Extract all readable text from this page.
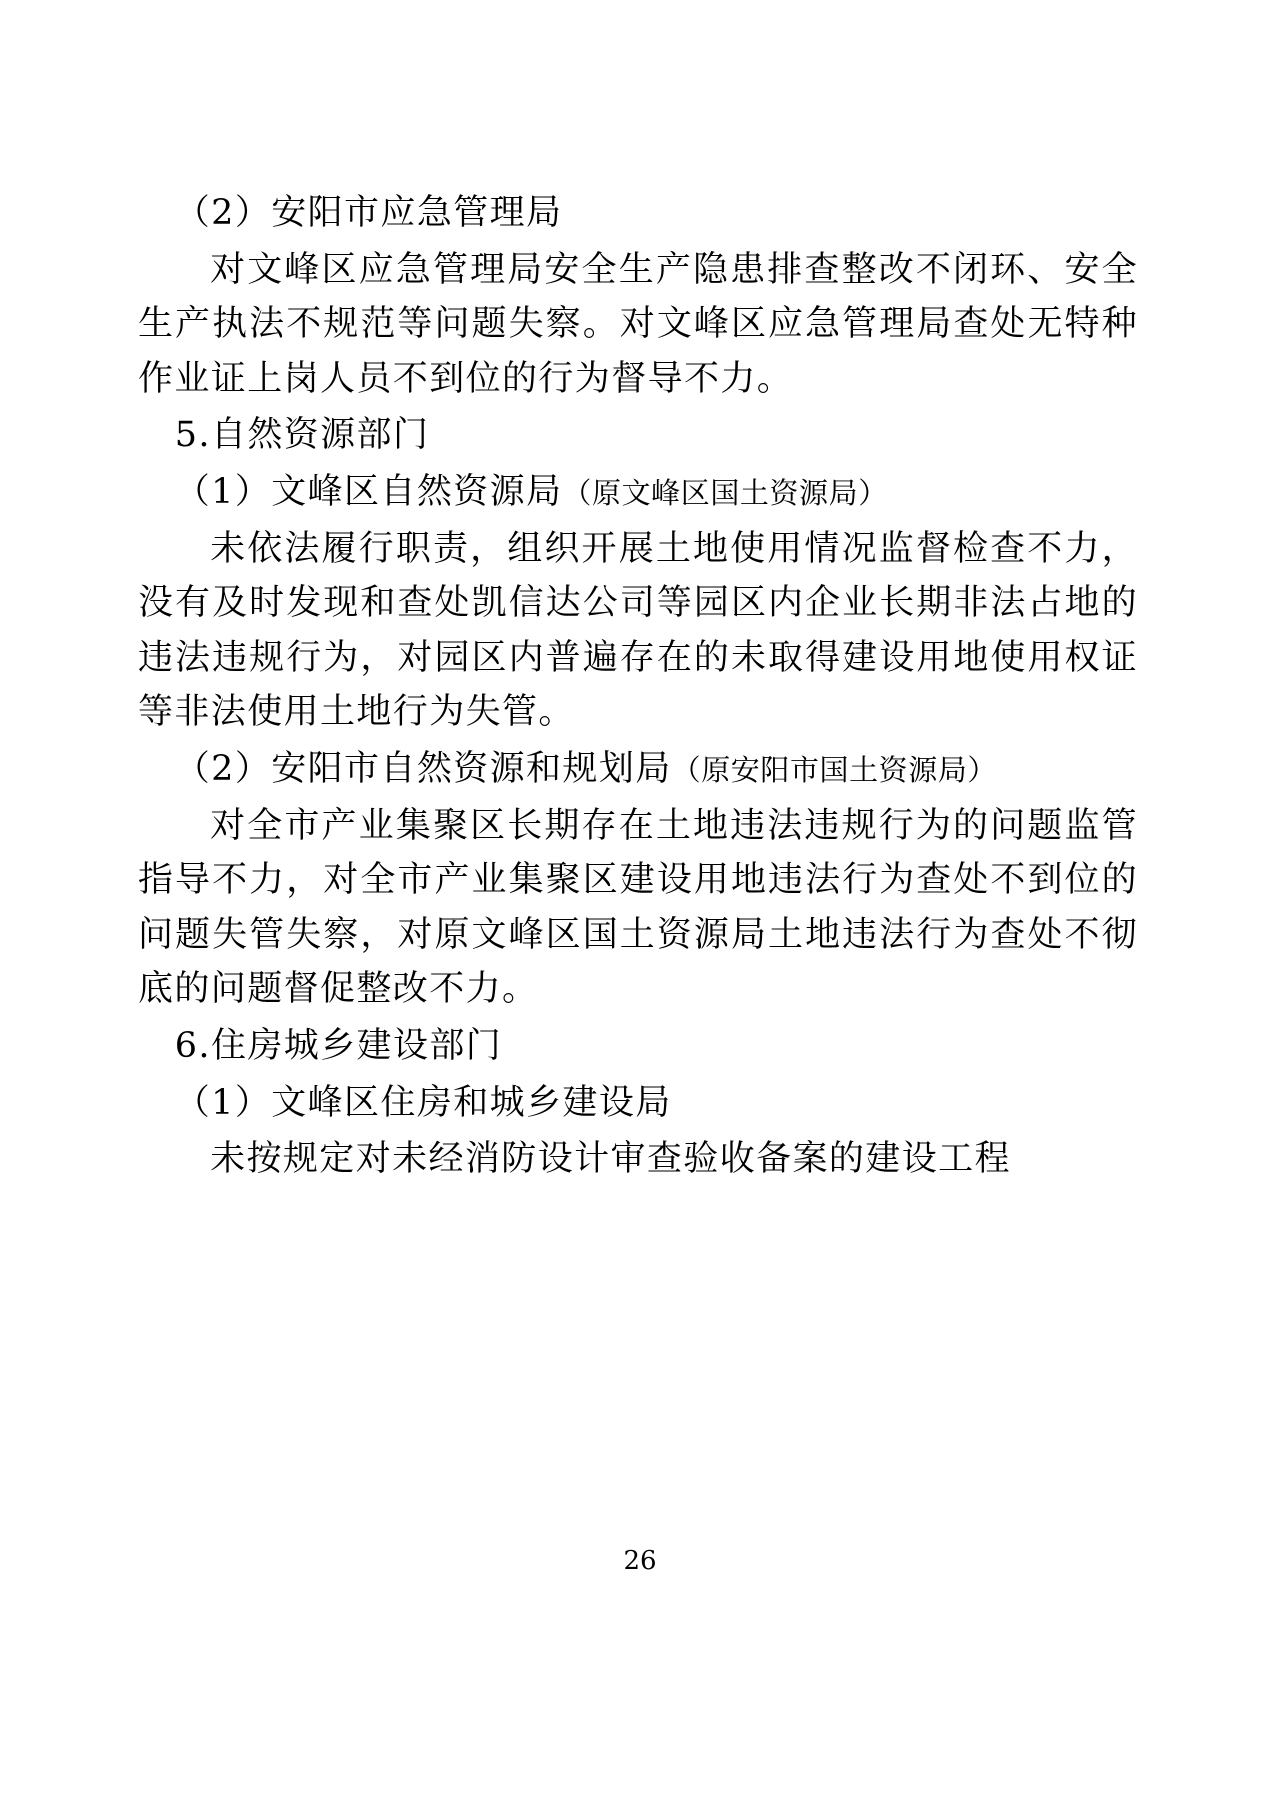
（2）安阳市应急管理局

对文峰区应急管理局安全生产隐患排查整改不闭环、安全生产执法不规范等问题失察。对文峰区应急管理局查处无特种作业证上岗人员不到位的行为督导不力。

5.自然资源部门

（1）文峰区自然资源局（原文峰区国土资源局）

未依法履行职责，组织开展土地使用情况监督检查不力，没有及时发现和查处凯信达公司等园区内企业长期非法占地的违法违规行为，对园区内普遍存在的未取得建设用地使用权证等非法使用土地行为失管。

（2）安阳市自然资源和规划局（原安阳市国土资源局）

对全市产业集聚区长期存在土地违法违规行为的问题监管指导不力，对全市产业集聚区建设用地违法行为查处不到位的问题失管失察，对原文峰区国土资源局土地违法行为查处不彻底的问题督促整改不力。

6.住房城乡建设部门

（1）文峰区住房和城乡建设局

未按规定对未经消防设计审查验收备案的建设工程

26
